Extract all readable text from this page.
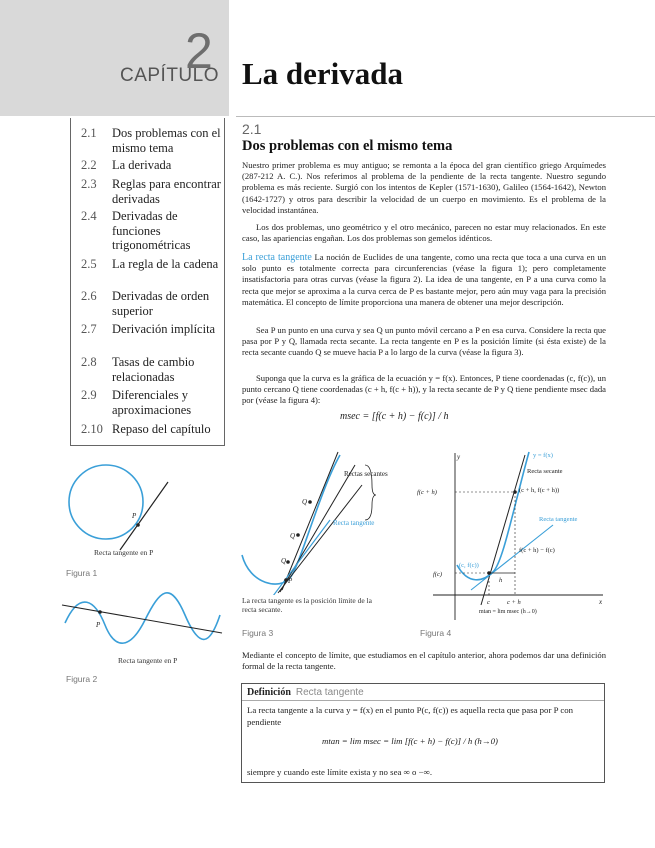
CAPÍTULO
2 La derivada
2.1	Dos problemas con el mismo tema
2.2	La derivada
2.3	Reglas para encontrar derivadas
2.4	Derivadas de funciones trigonométricas
2.5	La regla de la cadena
2.6	Derivadas de orden superior
2.7	Derivación implícita
2.8	Tasas de cambio relacionadas
2.9	Diferenciales y aproximaciones
2.10 Repaso del capítulo
2.1
Dos problemas con el mismo tema
Nuestro primer problema es muy antiguo; se remonta a la época del gran científico griego Arquímedes (287-212 A. C.). Nos referimos al problema de la pendiente de la recta tangente. Nuestro segundo problema es más reciente. Surgió con los intentos de Kepler (1571-1630), Galileo (1564-1642), Newton (1642-1727) y otros para describir la velocidad de un cuerpo en movimiento. Es el problema de la velocidad instantánea.
Los dos problemas, uno geométrico y el otro mecánico, parecen no estar muy relacionados. En este caso, las apariencias engañan. Los dos problemas son gemelos idénticos.
La recta tangente La noción de Euclides de una tangente, como una recta que toca a una curva en un solo punto es totalmente correcta para circunferencias (véase la figura 1); pero completamente insatisfactoria para otras curvas (véase la figura 2). La idea de una tangente, en P a una curva como la recta que mejor se aproxima a la curva cerca de P es bastante mejor, pero aún muy vaga para la precisión matemática. El concepto de límite proporciona una manera de obtener una mejor descripción.
Sea P un punto en una curva y sea Q un punto móvil cercano a P en esa curva. Considere la recta que pasa por P y Q, llamada recta secante. La recta tangente en P es la posición límite (si ésta existe) de la recta secante cuando Q se mueve hacia P a lo largo de la curva (véase la figura 3).
Suponga que la curva es la gráfica de la ecuación y = f(x). Entonces, P tiene coordenadas (c, f(c)), un punto cercano Q tiene coordenadas (c + h, f(c + h)), y la recta secante de P y Q tiene pendiente msec dada por (véase la figura 4):
msec = [f(c + h) − f(c)] / h
P
Recta tangente en P
Figura 1
P
Recta tangente en P
Figura 2
Q
Q
Q
P
Rectas secantes
Recta tangente
La recta tangente es la posición límite de la recta secante.
Figura 3
x
y	y = f(x)
Recta secante
(c + h, f(c + h))
Recta tangente
f(c + h) − f(c)
(c, f(c))
h
f(c + h)
f(c)
c	c + h
mtan = lim msec (h→0)
Figura 4
Mediante el concepto de límite, que estudiamos en el capítulo anterior, ahora podemos dar una definición formal de la recta tangente.
Definición Recta tangente
La recta tangente a la curva y = f(x) en el punto P(c, f(c)) es aquella recta que pasa por P con pendiente
mtan = lim msec = lim [f(c + h) − f(c)] / h (h→0)
siempre y cuando este límite exista y no sea ∞ o −∞.
